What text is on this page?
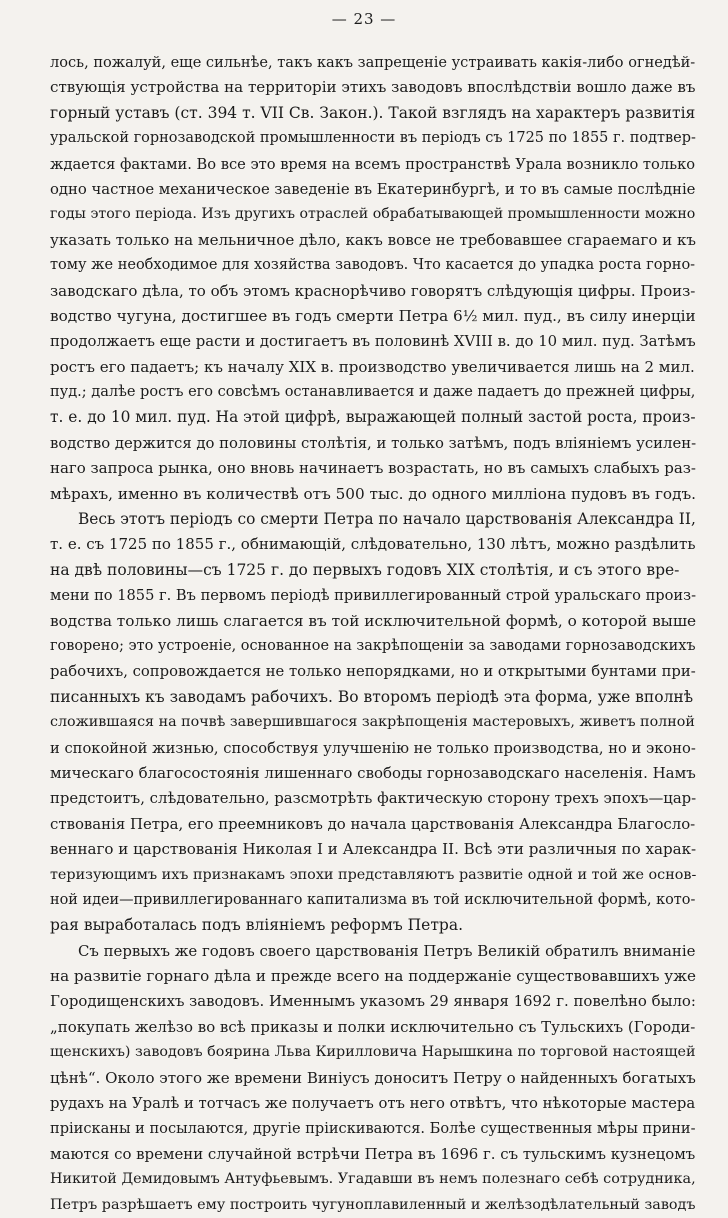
— 23 —
лось, пожалуй, еще сильнѣе, такъ какъ запрещеніе устраивать какія-либо огнедѣй-
ствующія устройства на территоріи этихъ заводовъ впослѣдствіи вошло даже въ
горный уставъ (ст. 394 т. VII Св. Закон.). Такой взглядъ на характеръ развитія
уральской горнозаводской промышленности въ періодъ съ 1725 по 1855 г. подтвер-
ждается фактами. Во все это время на всемъ пространствѣ Урала возникло только
одно частное механическое заведеніе въ Екатеринбургѣ, и то въ самые послѣдніе
годы этого періода. Изъ другихъ отраслей обрабатывающей промышленности можно
указать только на мельничное дѣло, какъ вовсе не требовавшее сгараемаго и къ
тому же необходимое для хозяйства заводовъ. Что касается до упадка роста горно-
заводскаго дѣла, то объ этомъ краснорѣчиво говорятъ слѣдующія цифры. Произ-
водство чугуна, достигшее въ годъ смерти Петра 6½ мил. пуд., въ силу инерціи
продолжаетъ еще расти и достигаетъ въ половинѣ XVIII в. до 10 мил. пуд. Затѣмъ
ростъ его падаетъ; къ началу XIX в. производство увеличивается лишь на 2 мил.
пуд.; далѣе ростъ его совсѣмъ останавливается и даже падаетъ до прежней цифры,
т. е. до 10 мил. пуд. На этой цифрѣ, выражающей полный застой роста, произ-
водство держится до половины столѣтія, и только затѣмъ, подъ вліяніемъ усилен-
наго запроса рынка, оно вновь начинаетъ возрастать, но въ самыхъ слабыхъ раз-
мѣрахъ, именно въ количествѣ отъ 500 тыс. до одного милліона пудовъ въ годъ.
Весь этотъ періодъ со смерти Петра по начало царствованія Александра II,
т. е. съ 1725 по 1855 г., обнимающій, слѣдовательно, 130 лѣтъ, можно раздѣлить
на двѣ половины—съ 1725 г. до первыхъ годовъ XIX столѣтія, и съ этого вре-
мени по 1855 г. Въ первомъ періодѣ привиллегированный строй уральскаго произ-
водства только лишь слагается въ той исключительной формѣ, о которой выше
говорено; это устроеніе, основанное на закрѣпощеніи за заводами горнозаводскихъ
рабочихъ, сопровождается не только непорядками, но и открытыми бунтами при-
писанныхъ къ заводамъ рабочихъ. Во второмъ періодѣ эта форма, уже вполнѣ
сложившаяся на почвѣ завершившагося закрѣпощенія мастеровыхъ, живетъ полной
и спокойной жизнью, способствуя улучшенію не только производства, но и эконо-
мическаго благосостоянія лишеннаго свободы горнозаводскаго населенія. Намъ
предстоитъ, слѣдовательно, разсмотрѣть фактическую сторону трехъ эпохъ—цар-
ствованія Петра, его преемниковъ до начала царствованія Александра Благосло-
веннаго и царствованія Николая I и Александра II. Всѣ эти различныя по харак-
теризующимъ ихъ признакамъ эпохи представляютъ развитіе одной и той же основ-
ной идеи—привиллегированнаго капитализма въ той исключительной формѣ, кото-
рая выработалась подъ вліяніемъ реформъ Петра.
Съ первыхъ же годовъ своего царствованія Петръ Великій обратилъ вниманіе
на развитіе горнаго дѣла и прежде всего на поддержаніе существовавшихъ уже
Городищенскихъ заводовъ. Именнымъ указомъ 29 января 1692 г. повелѣно было:
„покупать желѣзо во всѣ приказы и полки исключительно съ Тульскихъ (Городи-
щенскихъ) заводовъ боярина Льва Кирилловича Нарышкина по торговой настоящей
цѣнѣ“. Около этого же времени Виніусъ доноситъ Петру о найденныхъ богатыхъ
рудахъ на Уралѣ и тотчасъ же получаетъ отъ него отвѣтъ, что нѣкоторые мастера
прiисканы и посылаются, другіе пріискиваются. Болѣе существенныя мѣры прини-
маются со времени случайной встрѣчи Петра въ 1696 г. съ тульскимъ кузнецомъ
Никитой Демидовымъ Антуфьевымъ. Угадавши въ немъ полезнаго себѣ сотрудника,
Петръ разрѣшаетъ ему построить чугуноплавиленный и желѣзодѣлательный заводъ
